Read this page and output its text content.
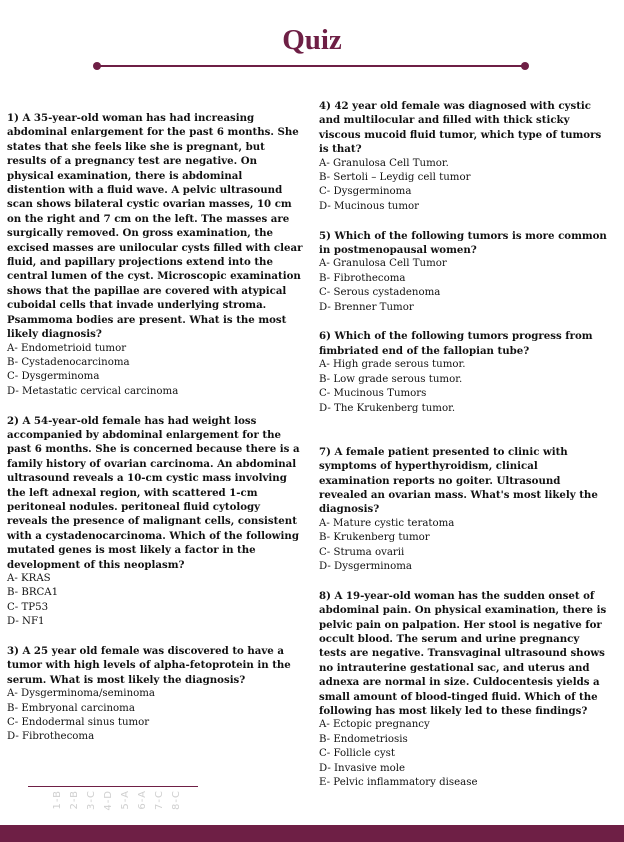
Quiz
1) A 35-year-old woman has had increasing abdominal enlargement for the past 6 months. She states that she feels like she is pregnant, but results of a pregnancy test are negative. On physical examination, there is abdominal distention with a fluid wave. A pelvic ultrasound scan shows bilateral cystic ovarian masses, 10 cm on the right and 7 cm on the left. The masses are surgically removed. On gross examination, the excised masses are unilocular cysts filled with clear fluid, and papillary projections extend into the central lumen of the cyst. Microscopic examination shows that the papillae are covered with atypical cuboidal cells that invade underlying stroma. Psammoma bodies are present. What is the most likely diagnosis?
A- Endometrioid tumor
B- Cystadenocarcinoma
C- Dysgerminoma
D- Metastatic cervical carcinoma
2) A 54-year-old female has had weight loss accompanied by abdominal enlargement for the past 6 months. She is concerned because there is a family history of ovarian carcinoma. An abdominal ultrasound reveals a 10-cm cystic mass involving the left adnexal region, with scattered 1-cm peritoneal nodules. peritoneal fluid cytology reveals the presence of malignant cells, consistent with a cystadenocarcinoma. Which of the following mutated genes is most likely a factor in the development of this neoplasm?
A- KRAS
B- BRCA1
C- TP53
D- NF1
3) A 25 year old female was discovered to have a tumor with high levels of alpha-fetoprotein in the serum. What is most likely the diagnosis?
A- Dysgerminoma/seminoma
B- Embryonal carcinoma
C- Endodermal sinus tumor
D- Fibrothecoma
4) 42 year old female was diagnosed with cystic and multilocular and filled with thick sticky viscous mucoid fluid tumor, which type of tumors is that?
A- Granulosa Cell Tumor.
B- Sertoli – Leydig cell tumor
C- Dysgerminoma
D- Mucinous tumor
5) Which of the following tumors is more common in postmenopausal women?
A- Granulosa Cell Tumor
B- Fibrothecoma
C- Serous cystadenoma
D- Brenner Tumor
6) Which of the following tumors progress from fimbriated end of the fallopian tube?
A- High grade serous tumor.
B- Low grade serous tumor.
C- Mucinous Tumors
D- The Krukenberg tumor.
7) A female patient presented to clinic with symptoms of hyperthyroidism, clinical examination reports no goiter. Ultrasound revealed an ovarian mass. What's most likely the diagnosis?
A- Mature cystic teratoma
B- Krukenberg tumor
C- Struma ovarii
D- Dysgerminoma
8) A 19-year-old woman has the sudden onset of abdominal pain. On physical examination, there is pelvic pain on palpation. Her stool is negative for occult blood. The serum and urine pregnancy tests are negative. Transvaginal ultrasound shows no intrauterine gestational sac, and uterus and adnexa are normal in size. Culdocentesis yields a small amount of blood-tinged fluid. Which of the following has most likely led to these findings?
A- Ectopic pregnancy
B- Endometriosis
C- Follicle cyst
D- Invasive mole
E- Pelvic inflammatory disease
1-B 2-B 3-C 4-D 5-A 6-A 7-C 8-C
